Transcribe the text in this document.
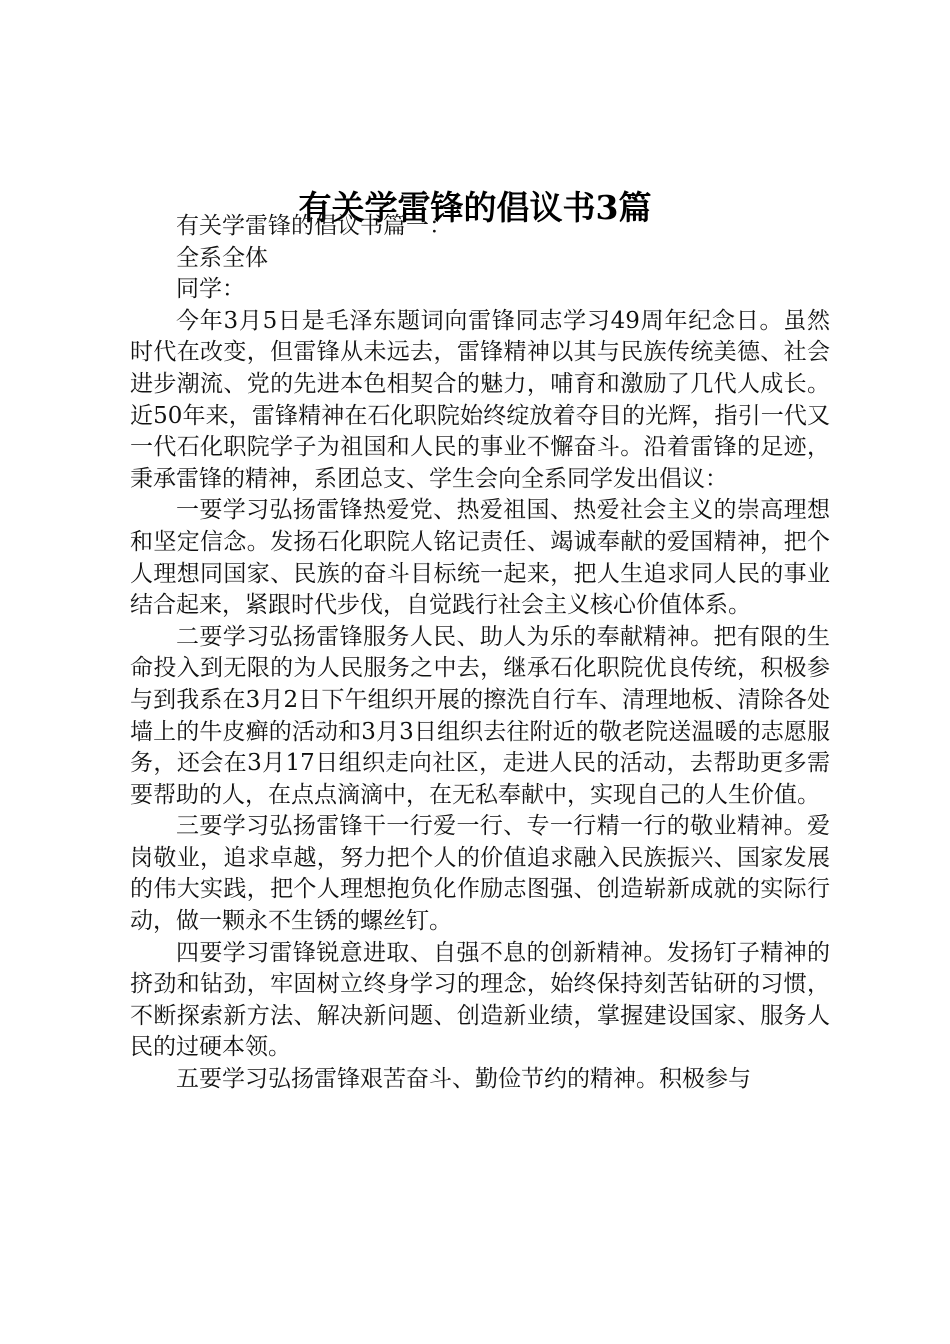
有关学雷锋的倡议书3篇

有关学雷锋的倡议书篇一：

全系全体

同学：

今年3月5日是毛泽东题词向雷锋同志学习49周年纪念日。虽然时代在改变，但雷锋从未远去，雷锋精神以其与民族传统美德、社会进步潮流、党的先进本色相契合的魅力，哺育和激励了几代人成长。近50年来，雷锋精神在石化职院始终绽放着夺目的光辉，指引一代又一代石化职院学子为祖国和人民的事业不懈奋斗。沿着雷锋的足迹，秉承雷锋的精神，系团总支、学生会向全系同学发出倡议：

一要学习弘扬雷锋热爱党、热爱祖国、热爱社会主义的崇高理想和坚定信念。发扬石化职院人铭记责任、竭诚奉献的爱国精神，把个人理想同国家、民族的奋斗目标统一起来，把人生追求同人民的事业结合起来，紧跟时代步伐，自觉践行社会主义核心价值体系。

二要学习弘扬雷锋服务人民、助人为乐的奉献精神。把有限的生命投入到无限的为人民服务之中去，继承石化职院优良传统，积极参与到我系在3月2日下午组织开展的擦洗自行车、清理地板、清除各处墙上的牛皮癣的活动和3月3日组织去往附近的敬老院送温暖的志愿服务，还会在3月17日组织走向社区，走进人民的活动，去帮助更多需要帮助的人，在点点滴滴中，在无私奉献中，实现自己的人生价值。

三要学习弘扬雷锋干一行爱一行、专一行精一行的敬业精神。爱岗敬业，追求卓越，努力把个人的价值追求融入民族振兴、国家发展的伟大实践，把个人理想抱负化作励志图强、创造崭新成就的实际行动，做一颗永不生锈的螺丝钉。

四要学习雷锋锐意进取、自强不息的创新精神。发扬钉子精神的挤劲和钻劲，牢固树立终身学习的理念，始终保持刻苦钻研的习惯，不断探索新方法、解决新问题、创造新业绩，掌握建设国家、服务人民的过硬本领。

五要学习弘扬雷锋艰苦奋斗、勤俭节约的精神。积极参与
